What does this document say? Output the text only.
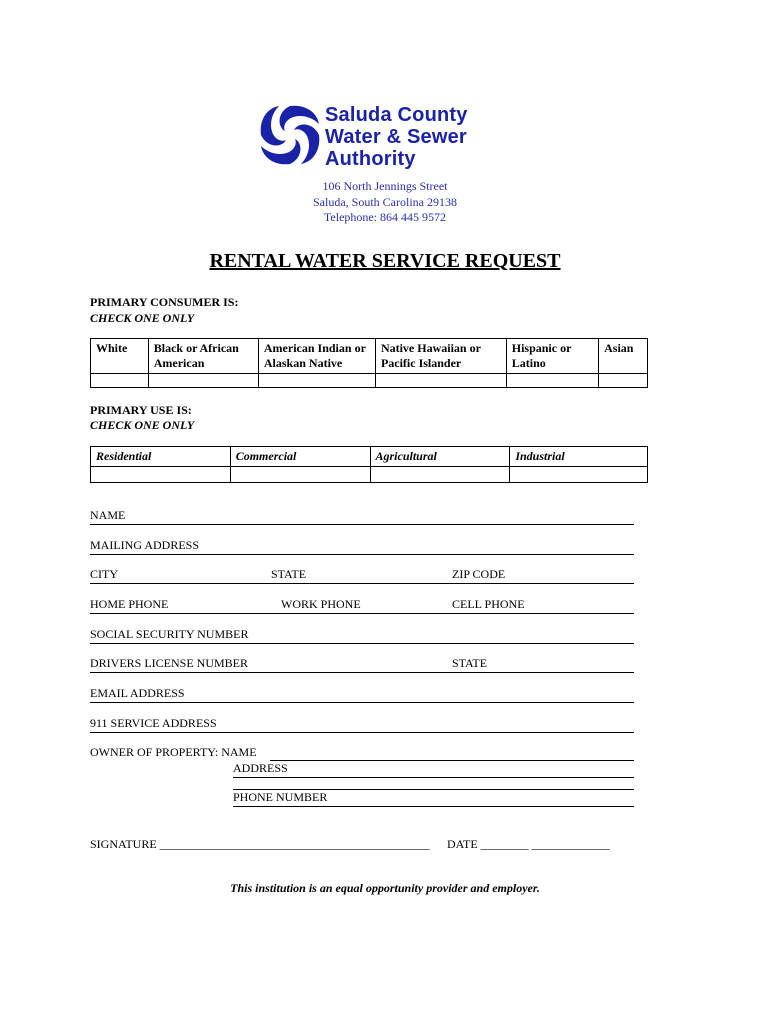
Saluda County
Water & Sewer
Authority
106 North Jennings Street
Saluda, South Carolina 29138
Telephone: 864 445 9572
RENTAL WATER SERVICE REQUEST
PRIMARY CONSUMER IS:
CHECK ONE ONLY
White	Black or African American	American Indian or Alaskan Native	Native Hawaiian or Pacific Islander	Hispanic or Latino	Asian

PRIMARY USE IS:
CHECK ONE ONLY
Residential	Commercial	Agricultural	Industrial

NAME
MAILING ADDRESS
CITY	STATE	ZIP CODE
HOME PHONE	WORK PHONE	CELL PHONE
SOCIAL SECURITY NUMBER
DRIVERS LICENSE NUMBER	STATE
EMAIL ADDRESS
911 SERVICE ADDRESS
OWNER OF PROPERTY: NAME
ADDRESS
PHONE NUMBER
SIGNATURE _____________________________________________ DATE ________ _____________
This institution is an equal opportunity provider and employer.
